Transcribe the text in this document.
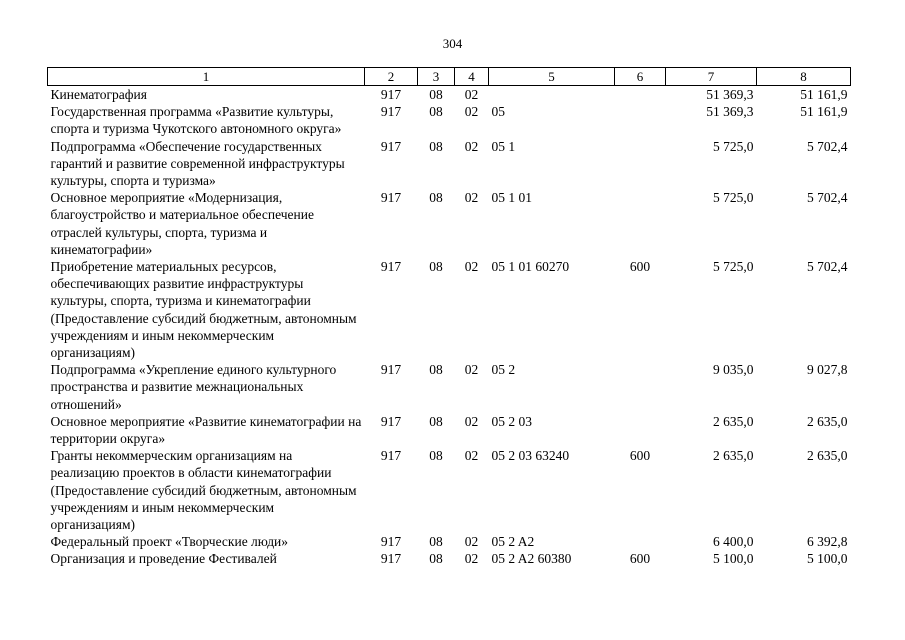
304
1	2	3	4	5	6	7	8
Кинематография	917	08	02			51 369,3	51 161,9
Государственная программа «Развитие культуры, спорта и туризма Чукотского автономного округа»	917	08	02	05		51 369,3	51 161,9
Подпрограмма «Обеспечение государственных гарантий и развитие современной инфраструктуры культуры, спорта и туризма»	917	08	02	05 1		5 725,0	5 702,4
Основное мероприятие «Модернизация, благоустройство и материальное обеспечение отраслей культуры, спорта, туризма и кинематографии»	917	08	02	05 1 01		5 725,0	5 702,4
Приобретение материальных ресурсов, обеспечивающих развитие инфраструктуры культуры, спорта, туризма и кинематографии (Предоставление субсидий бюджетным, автономным учреждениям и иным некоммерческим организациям)	917	08	02	05 1 01 60270	600	5 725,0	5 702,4
Подпрограмма «Укрепление единого культурного пространства и развитие межнациональных отношений»	917	08	02	05 2		9 035,0	9 027,8
Основное мероприятие «Развитие кинематографии на территории округа»	917	08	02	05 2 03		2 635,0	2 635,0
Гранты некоммерческим организациям на реализацию проектов в области кинематографии (Предоставление субсидий бюджетным, автономным учреждениям и иным некоммерческим организациям)	917	08	02	05 2 03 63240	600	2 635,0	2 635,0
Федеральный проект «Творческие люди»	917	08	02	05 2 A2		6 400,0	6 392,8
Организация и проведение Фестивалей	917	08	02	05 2 A2 60380	600	5 100,0	5 100,0
